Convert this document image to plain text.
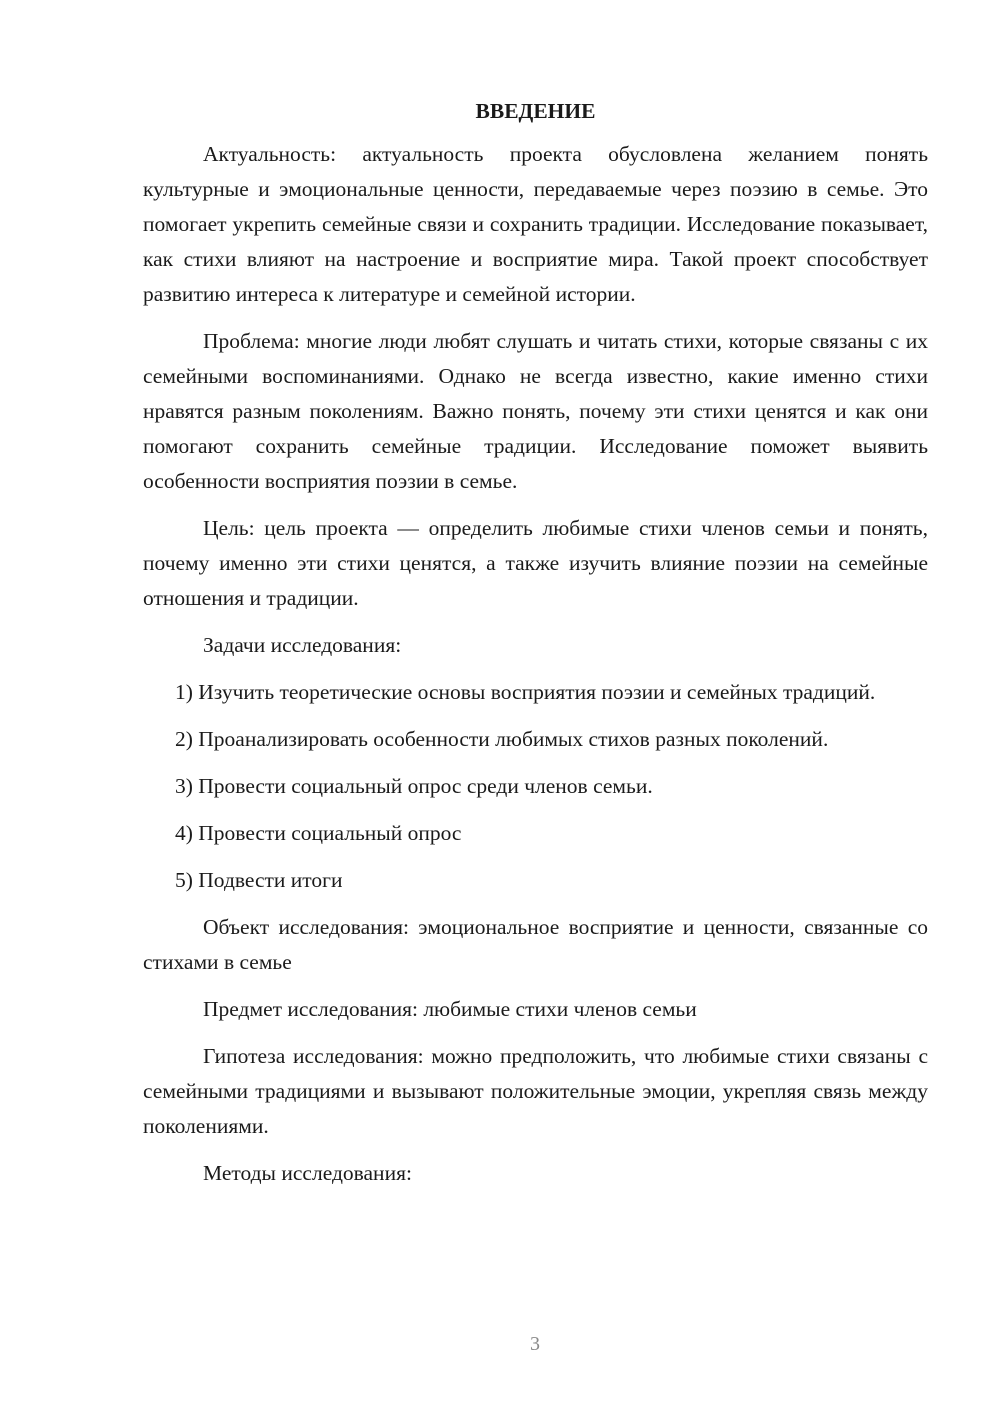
ВВЕДЕНИЕ

Актуальность: актуальность проекта обусловлена желанием понять культурные и эмоциональные ценности, передаваемые через поэзию в семье. Это помогает укрепить семейные связи и сохранить традиции. Исследование показывает, как стихи влияют на настроение и восприятие мира. Такой проект способствует развитию интереса к литературе и семейной истории.

Проблема: многие люди любят слушать и читать стихи, которые связаны с их семейными воспоминаниями. Однако не всегда известно, какие именно стихи нравятся разным поколениям. Важно понять, почему эти стихи ценятся и как они помогают сохранить семейные традиции. Исследование поможет выявить особенности восприятия поэзии в семье.

Цель: цель проекта — определить любимые стихи членов семьи и понять, почему именно эти стихи ценятся, а также изучить влияние поэзии на семейные отношения и традиции.

Задачи исследования:

1) Изучить теоретические основы восприятия поэзии и семейных традиций.

2) Проанализировать особенности любимых стихов разных поколений.

3) Провести социальный опрос среди членов семьи.

4) Провести социальный опрос

5) Подвести итоги

Объект исследования: эмоциональное восприятие и ценности, связанные со стихами в семье

Предмет исследования: любимые стихи членов семьи

Гипотеза исследования: можно предположить, что любимые стихи связаны с семейными традициями и вызывают положительные эмоции, укрепляя связь между поколениями.

Методы исследования:

3
